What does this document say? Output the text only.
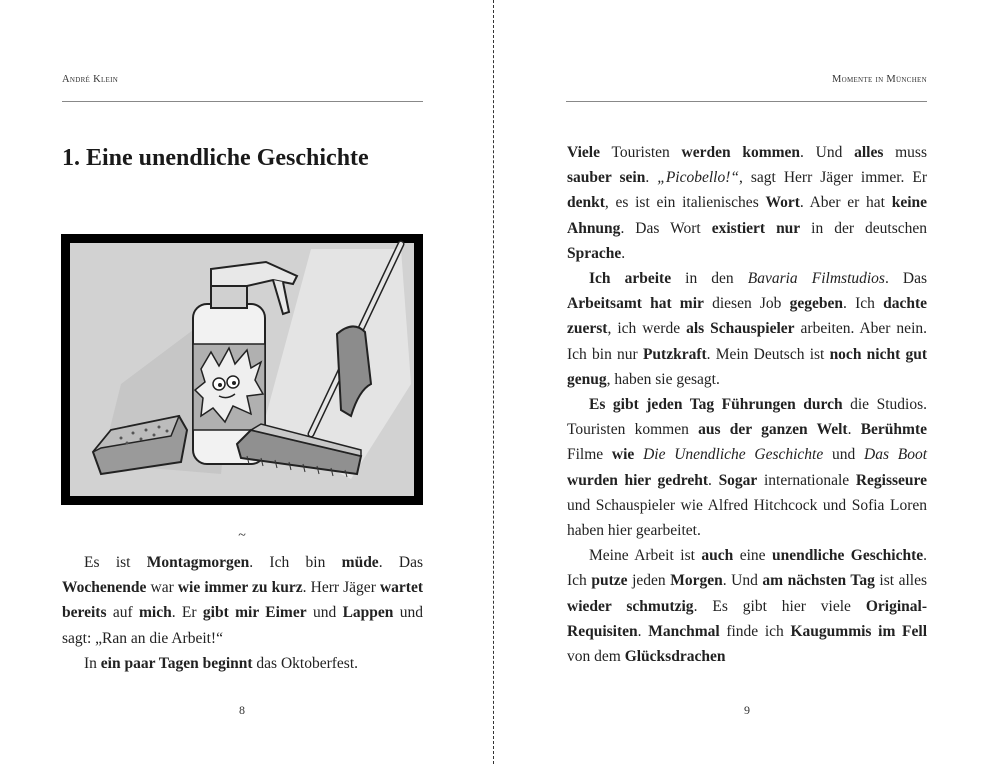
André Klein
1. Eine unendliche Geschichte
~

Es ist Montagmorgen. Ich bin müde. Das Wochenende war wie immer zu kurz. Herr Jäger wartet bereits auf mich. Er gibt mir Eimer und Lappen und sagt: „Ran an die Arbeit!“

In ein paar Tagen beginnt das Oktoberfest.

8
Momente in München

Viele Touristen werden kommen. Und alles muss sauber sein. „Picobello!“, sagt Herr Jäger immer. Er denkt, es ist ein italienisches Wort. Aber er hat keine Ahnung. Das Wort existiert nur in der deutschen Sprache.

Ich arbeite in den Bavaria Filmstudios. Das Arbeitsamt hat mir diesen Job gegeben. Ich dachte zuerst, ich werde als Schauspieler arbeiten. Aber nein. Ich bin nur Putzkraft. Mein Deutsch ist noch nicht gut genug, haben sie gesagt.

Es gibt jeden Tag Führungen durch die Studios. Touristen kommen aus der ganzen Welt. Berühmte Filme wie Die Unendliche Geschichte und Das Boot wurden hier gedreht. Sogar internationale Regisseure und Schauspieler wie Alfred Hitchcock und Sofia Loren haben hier gearbeitet.

Meine Arbeit ist auch eine unendliche Geschichte. Ich putze jeden Morgen. Und am nächsten Tag ist alles wieder schmutzig. Es gibt hier viele Original-Requisiten. Manchmal finde ich Kaugummis im Fell von dem Glücksdrachen

9
